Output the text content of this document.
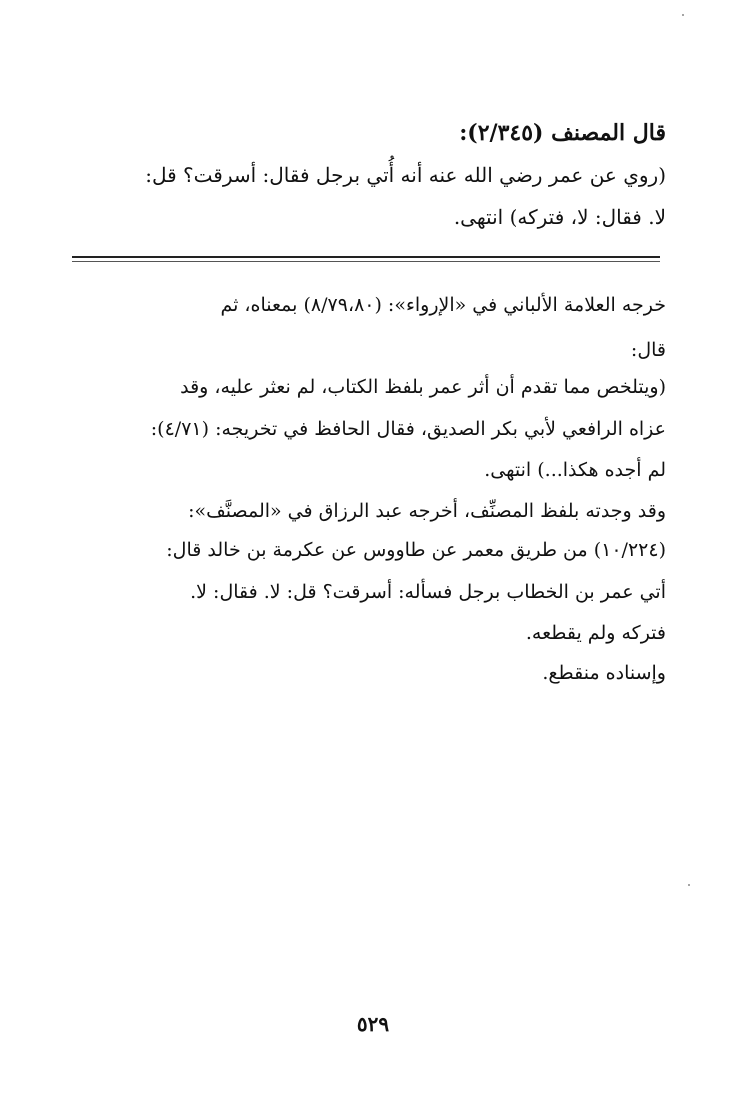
قال المصنف (٢/٣٤٥):
(روي عن عمر رضي الله عنه أنه أُتي برجل فقال: أسرقت؟ قل:
لا. فقال: لا، فتركه) انتهى.
خرجه العلامة الألباني في «الإرواء»: (٨/٧٩،٨٠) بمعناه، ثم
قال:
(ويتلخص مما تقدم أن أثر عمر بلفظ الكتاب، لم نعثر عليه، وقد
عزاه الرافعي لأبي بكر الصديق، فقال الحافظ في تخريجه: (٤/٧١):
لم أجده هكذا...) انتهى.
وقد وجدته بلفظ المصنِّف، أخرجه عبد الرزاق في «المصنَّف»:
(١٠/٢٢٤) من طريق معمر عن طاووس عن عكرمة بن خالد قال:
أتي عمر بن الخطاب برجل فسأله: أسرقت؟ قل: لا. فقال: لا.
فتركه ولم يقطعه.
وإسناده منقطع.
٥٢٩
